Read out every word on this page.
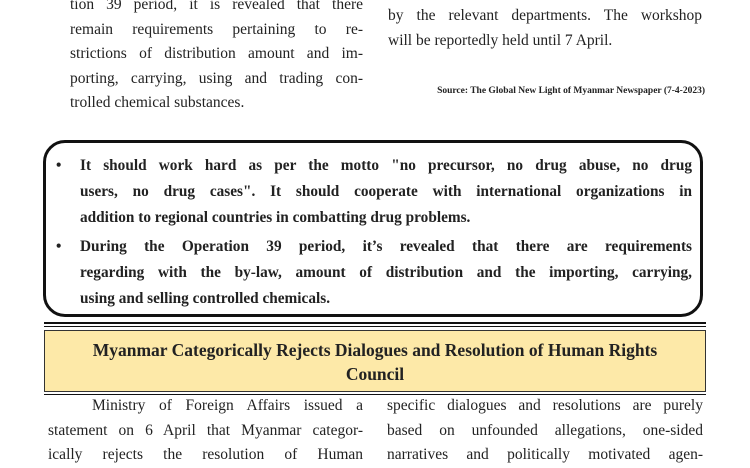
tion 39 period, it is revealed that there
remain requirements pertaining to re-
strictions of distribution amount and im-
porting, carrying, using and trading con-
trolled chemical substances.
by the relevant departments. The workshop
will be reportedly held until 7 April.
Source: The Global New Light of Myanmar Newspaper (7-4-2023)
• It should work hard as per the motto "no precursor, no drug abuse, no drug
users, no drug cases". It should cooperate with international organizations in
addition to regional countries in combatting drug problems.
• During the Operation 39 period, it’s revealed that there are requirements
regarding with the by-law, amount of distribution and the importing, carrying,
using and selling controlled chemicals.
Myanmar Categorically Rejects Dialogues and Resolution of Human Rights
Council
Ministry of Foreign Affairs issued a
statement on 6 April that Myanmar categor-
ically rejects the resolution of Human
specific dialogues and resolutions are purely
based on unfounded allegations, one-sided
narratives and politically motivated agen-
